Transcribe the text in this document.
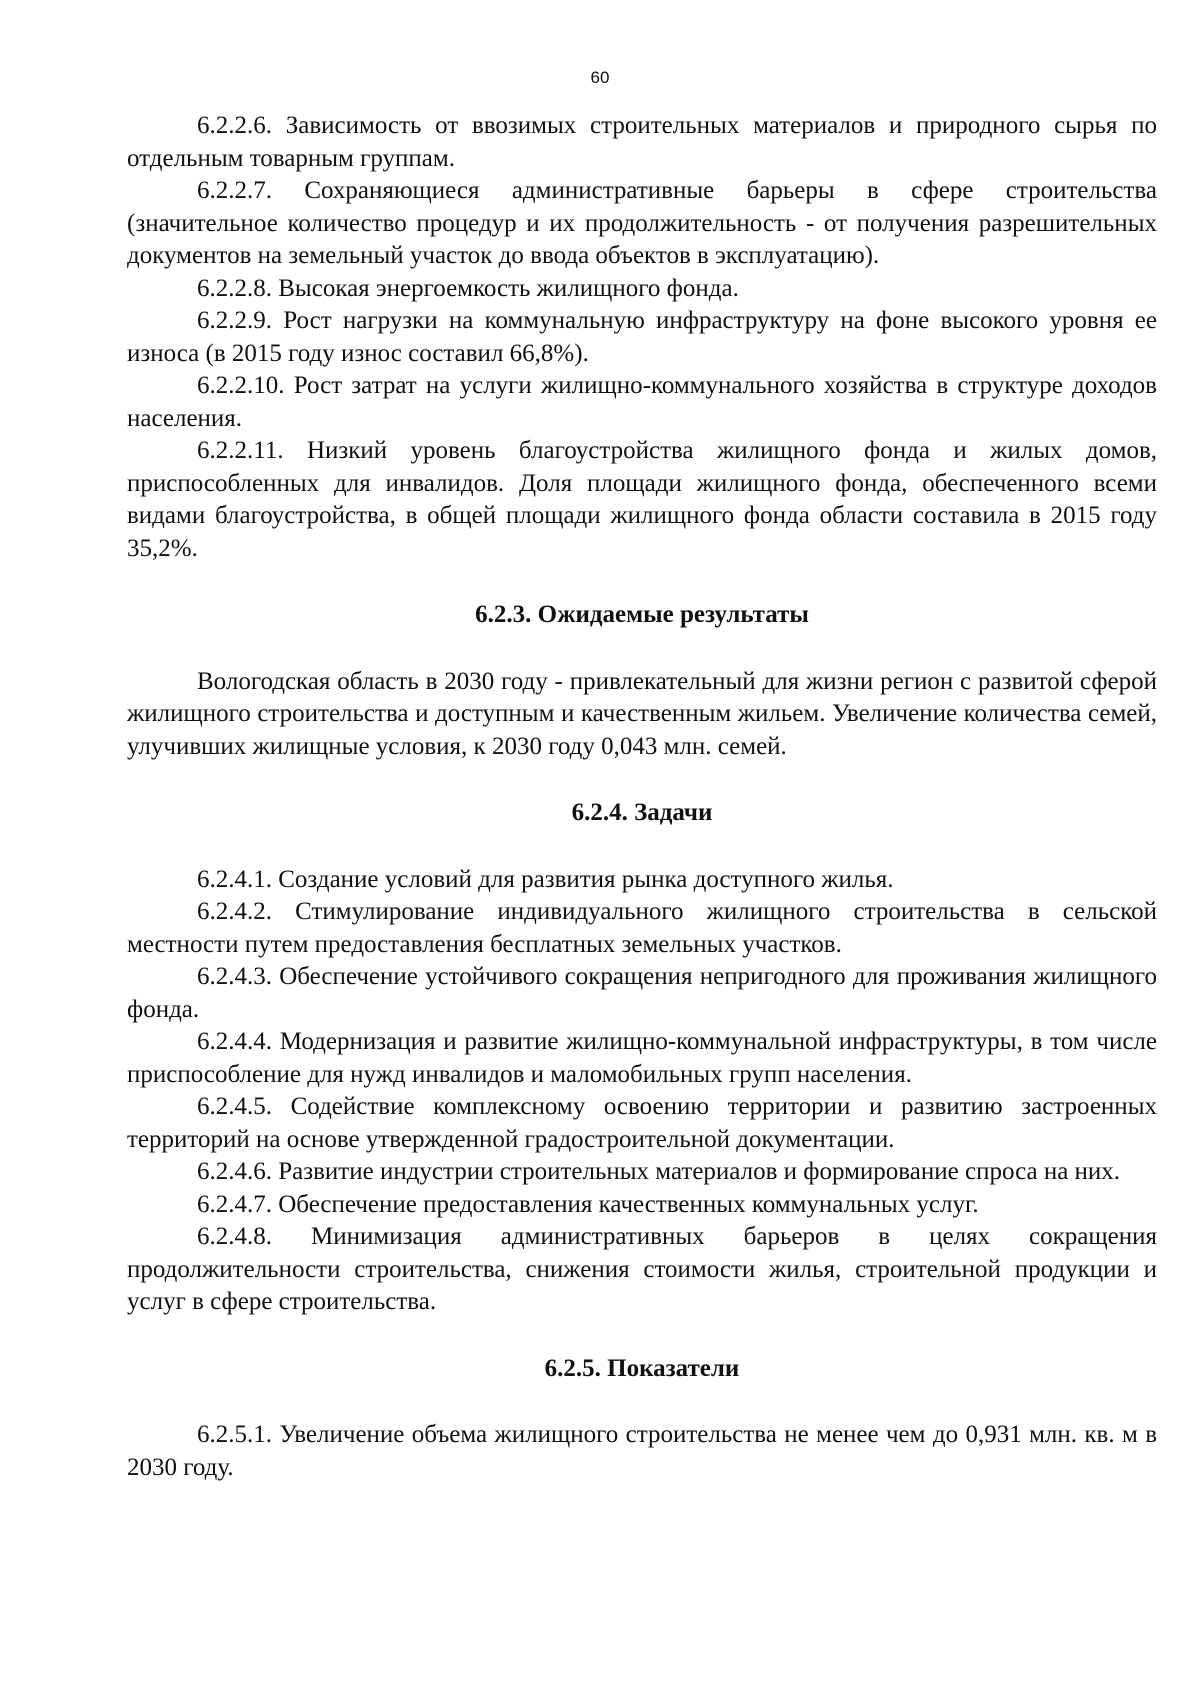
60

6.2.2.6. Зависимость от ввозимых строительных материалов и природного сырья по отдельным товарным группам.

6.2.2.7. Сохраняющиеся административные барьеры в сфере строительства (значительное количество процедур и их продолжительность - от получения разрешительных документов на земельный участок до ввода объектов в эксплуатацию).

6.2.2.8. Высокая энергоемкость жилищного фонда.

6.2.2.9. Рост нагрузки на коммунальную инфраструктуру на фоне высокого уровня ее износа (в 2015 году износ составил 66,8%).

6.2.2.10. Рост затрат на услуги жилищно-коммунального хозяйства в структуре доходов населения.

6.2.2.11. Низкий уровень благоустройства жилищного фонда и жилых домов, приспособленных для инвалидов. Доля площади жилищного фонда, обеспеченного всеми видами благоустройства, в общей площади жилищного фонда области составила в 2015 году 35,2%.

6.2.3. Ожидаемые результаты

Вологодская область в 2030 году - привлекательный для жизни регион с развитой сферой жилищного строительства и доступным и качественным жильем. Увеличение количества семей, улучивших жилищные условия, к 2030 году 0,043 млн. семей.

6.2.4. Задачи

6.2.4.1. Создание условий для развития рынка доступного жилья.

6.2.4.2. Стимулирование индивидуального жилищного строительства в сельской местности путем предоставления бесплатных земельных участков.

6.2.4.3. Обеспечение устойчивого сокращения непригодного для проживания жилищного фонда.

6.2.4.4. Модернизация и развитие жилищно-коммунальной инфраструктуры, в том числе приспособление для нужд инвалидов и маломобильных групп населения.

6.2.4.5. Содействие комплексному освоению территории и развитию застроенных территорий на основе утвержденной градостроительной документации.

6.2.4.6. Развитие индустрии строительных материалов и формирование спроса на них.

6.2.4.7. Обеспечение предоставления качественных коммунальных услуг.

6.2.4.8. Минимизация административных барьеров в целях сокращения продолжительности строительства, снижения стоимости жилья, строительной продукции и услуг в сфере строительства.

6.2.5. Показатели

6.2.5.1. Увеличение объема жилищного строительства не менее чем до 0,931 млн. кв. м в 2030 году.
